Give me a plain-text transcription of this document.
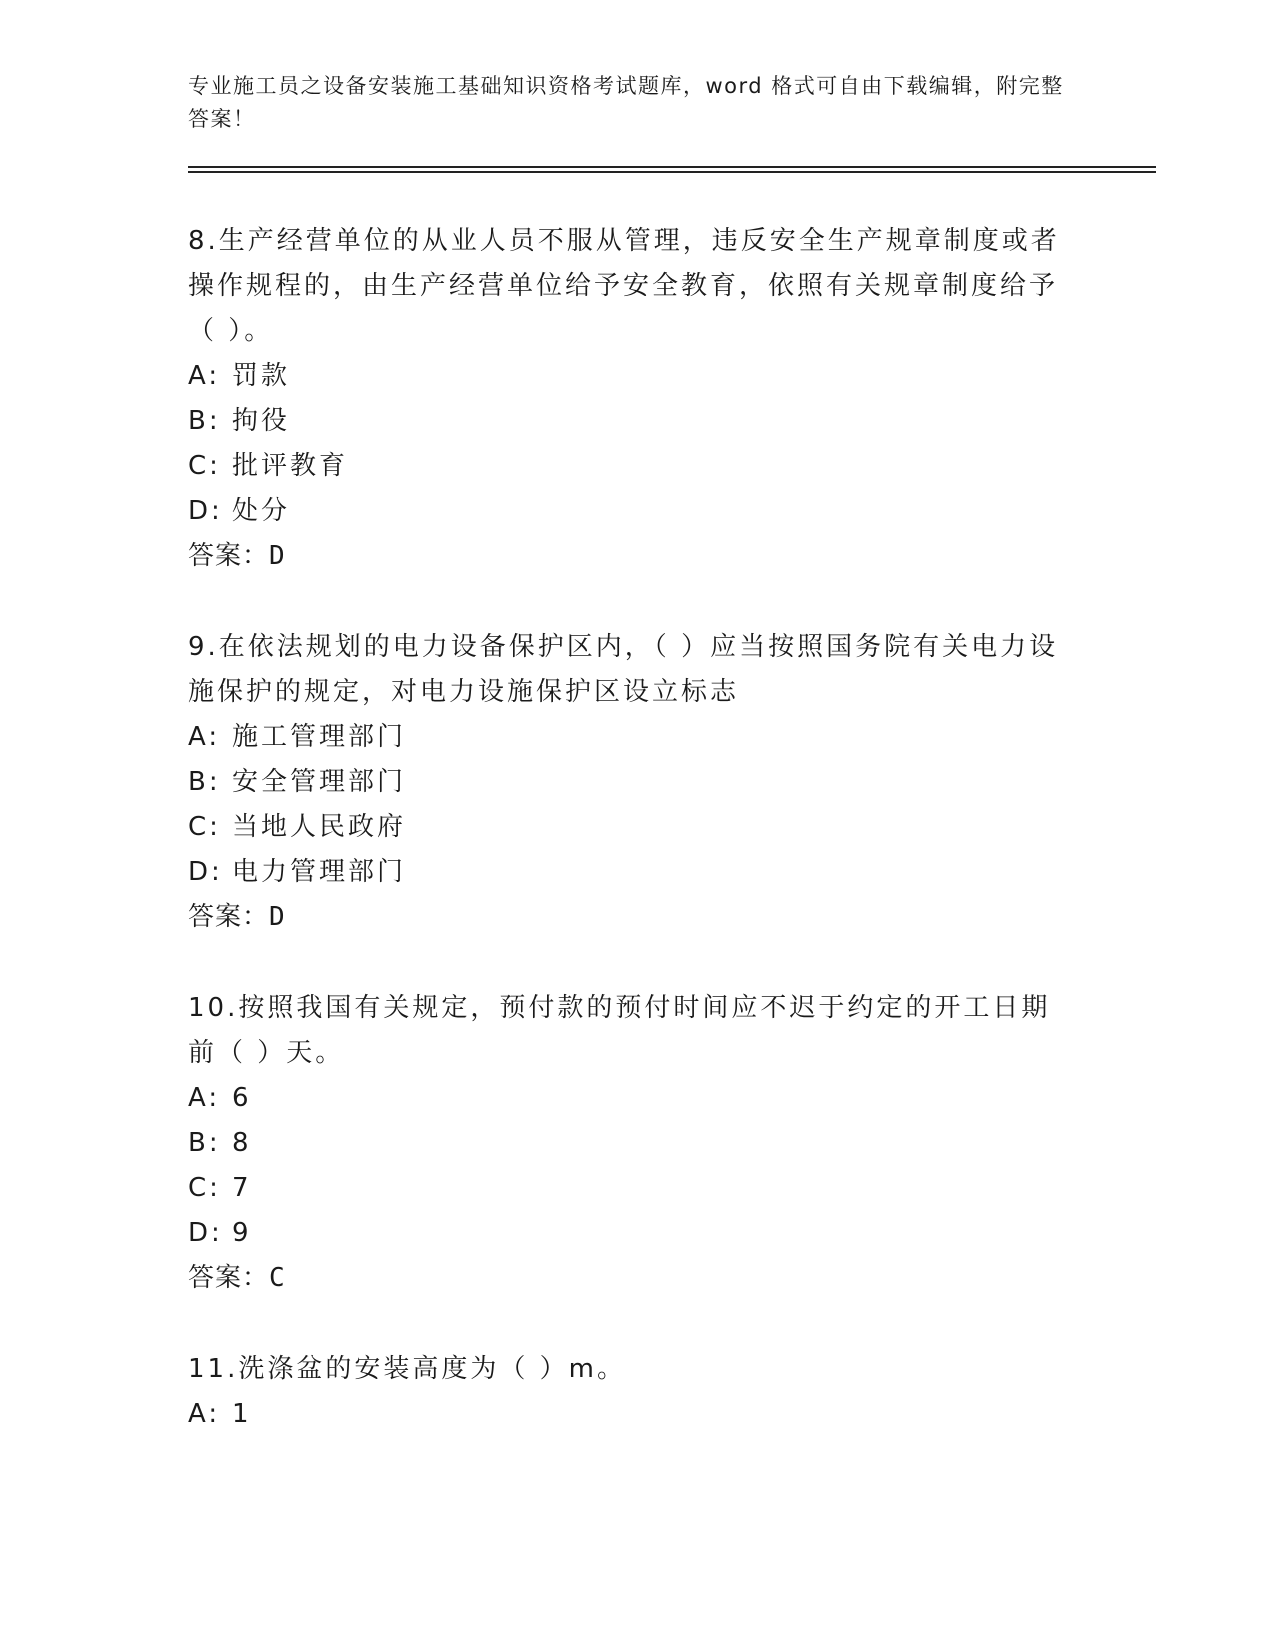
专业施工员之设备安装施工基础知识资格考试题库，word 格式可自由下载编辑，附完整答案！

8.生产经营单位的从业人员不服从管理，违反安全生产规章制度或者操作规程的，由生产经营单位给予安全教育，依照有关规章制度给予（ ）。

A: 罚款

B: 拘役

C: 批评教育

D: 处分

答案：D

9.在依法规划的电力设备保护区内，（ ）应当按照国务院有关电力设施保护的规定，对电力设施保护区设立标志

A: 施工管理部门

B: 安全管理部门

C: 当地人民政府

D: 电力管理部门

答案：D

10.按照我国有关规定，预付款的预付时间应不迟于约定的开工日期前（ ）天。

A: 6

B: 8

C: 7

D: 9

答案：C

11.洗涤盆的安装高度为（ ）m。

A: 1
